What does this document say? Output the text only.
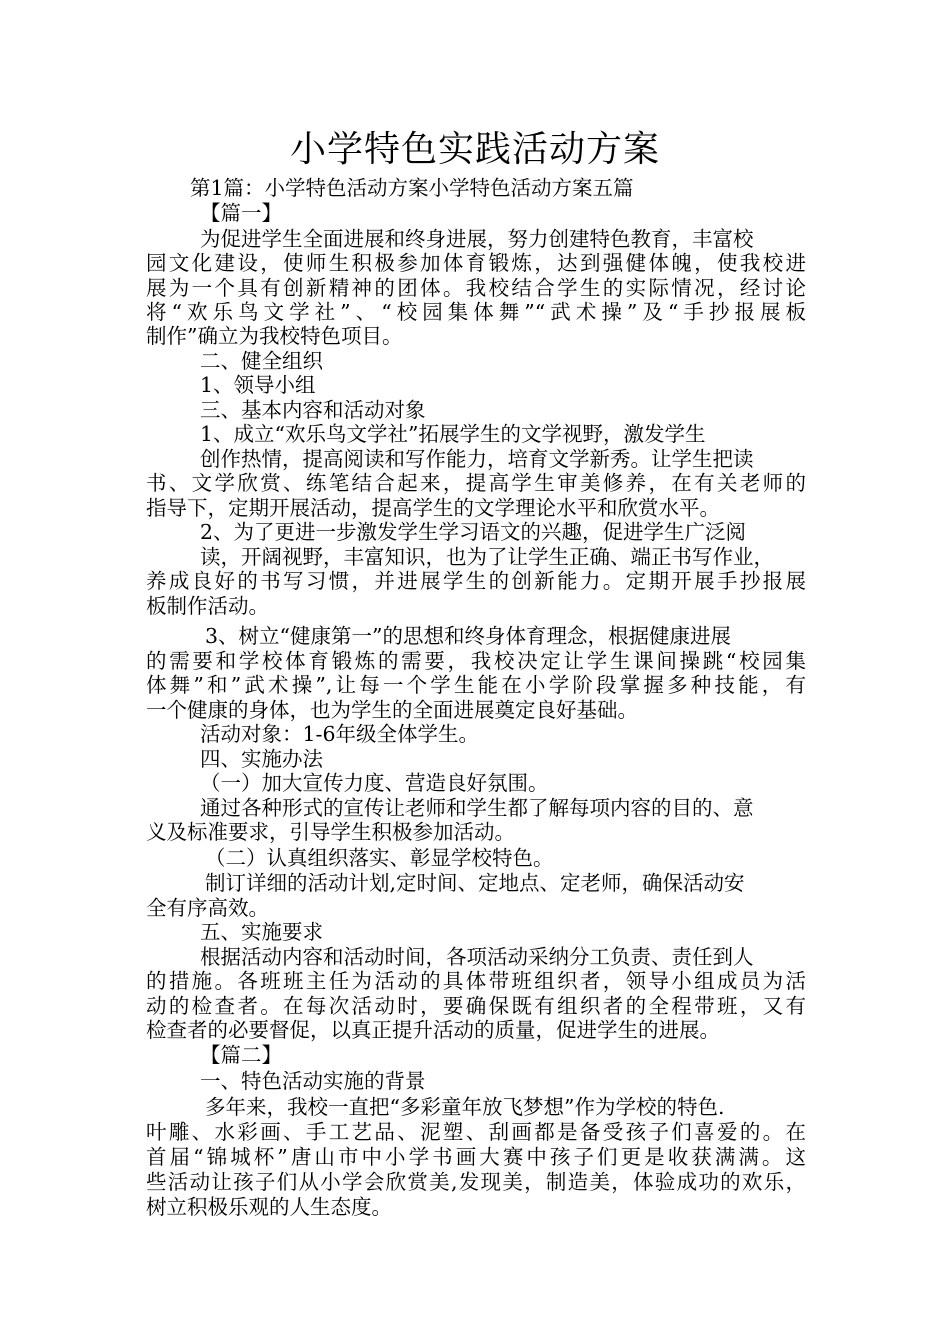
小学特色实践活动方案
第1篇：小学特色活动方案小学特色活动方案五篇
【篇一】
为促进学生全面进展和终身进展，努力创建特色教育，丰富校
园文化建设，使师生积极参加体育锻炼，达到强健体魄，使我校进
展为一个具有创新精神的团体。我校结合学生的实际情况，经讨论
将“欢乐鸟文学社”、“校园集体舞”“武术操”及“手抄报展板
制作”确立为我校特色项目。
二、健全组织
1、领导小组
三、基本内容和活动对象
1、成立“欢乐鸟文学社”拓展学生的文学视野，激发学生
创作热情，提高阅读和写作能力，培育文学新秀。让学生把读
书、文学欣赏、练笔结合起来，提高学生审美修养，在有关老师的
指导下，定期开展活动，提高学生的文学理论水平和欣赏水平。
2、为了更进一步激发学生学习语文的兴趣，促进学生广泛阅
读，开阔视野，丰富知识，也为了让学生正确、端正书写作业，
养成良好的书写习惯，并进展学生的创新能力。定期开展手抄报展
板制作活动。
3、树立“健康第一”的思想和终身体育理念，根据健康进展
的需要和学校体育锻炼的需要，我校决定让学生课间操跳“校园集
体舞”和”武术操”,让每一个学生能在小学阶段掌握多种技能，有
一个健康的身体，也为学生的全面进展奠定良好基础。
活动对象：1-6年级全体学生。
四、实施办法
（一）加大宣传力度、营造良好氛围。
通过各种形式的宣传让老师和学生都了解每项内容的目的、意
义及标准要求，引导学生积极参加活动。
（二）认真组织落实、彰显学校特色。
制订详细的活动计划,定时间、定地点、定老师，确保活动安
全有序高效。
五、实施要求
根据活动内容和活动时间，各项活动采纳分工负责、责任到人
的措施。各班班主任为活动的具体带班组织者，领导小组成员为活
动的检查者。在每次活动时，要确保既有组织者的全程带班，又有
检查者的必要督促，以真正提升活动的质量，促进学生的进展。
【篇二】
一、特色活动实施的背景
多年来，我校一直把“多彩童年放飞梦想”作为学校的特色.
叶雕、水彩画、手工艺品、泥塑、刮画都是备受孩子们喜爱的。在
首届“锦城杯”唐山市中小学书画大赛中孩子们更是收获满满。这
些活动让孩子们从小学会欣赏美,发现美，制造美，体验成功的欢乐，
树立积极乐观的人生态度。
